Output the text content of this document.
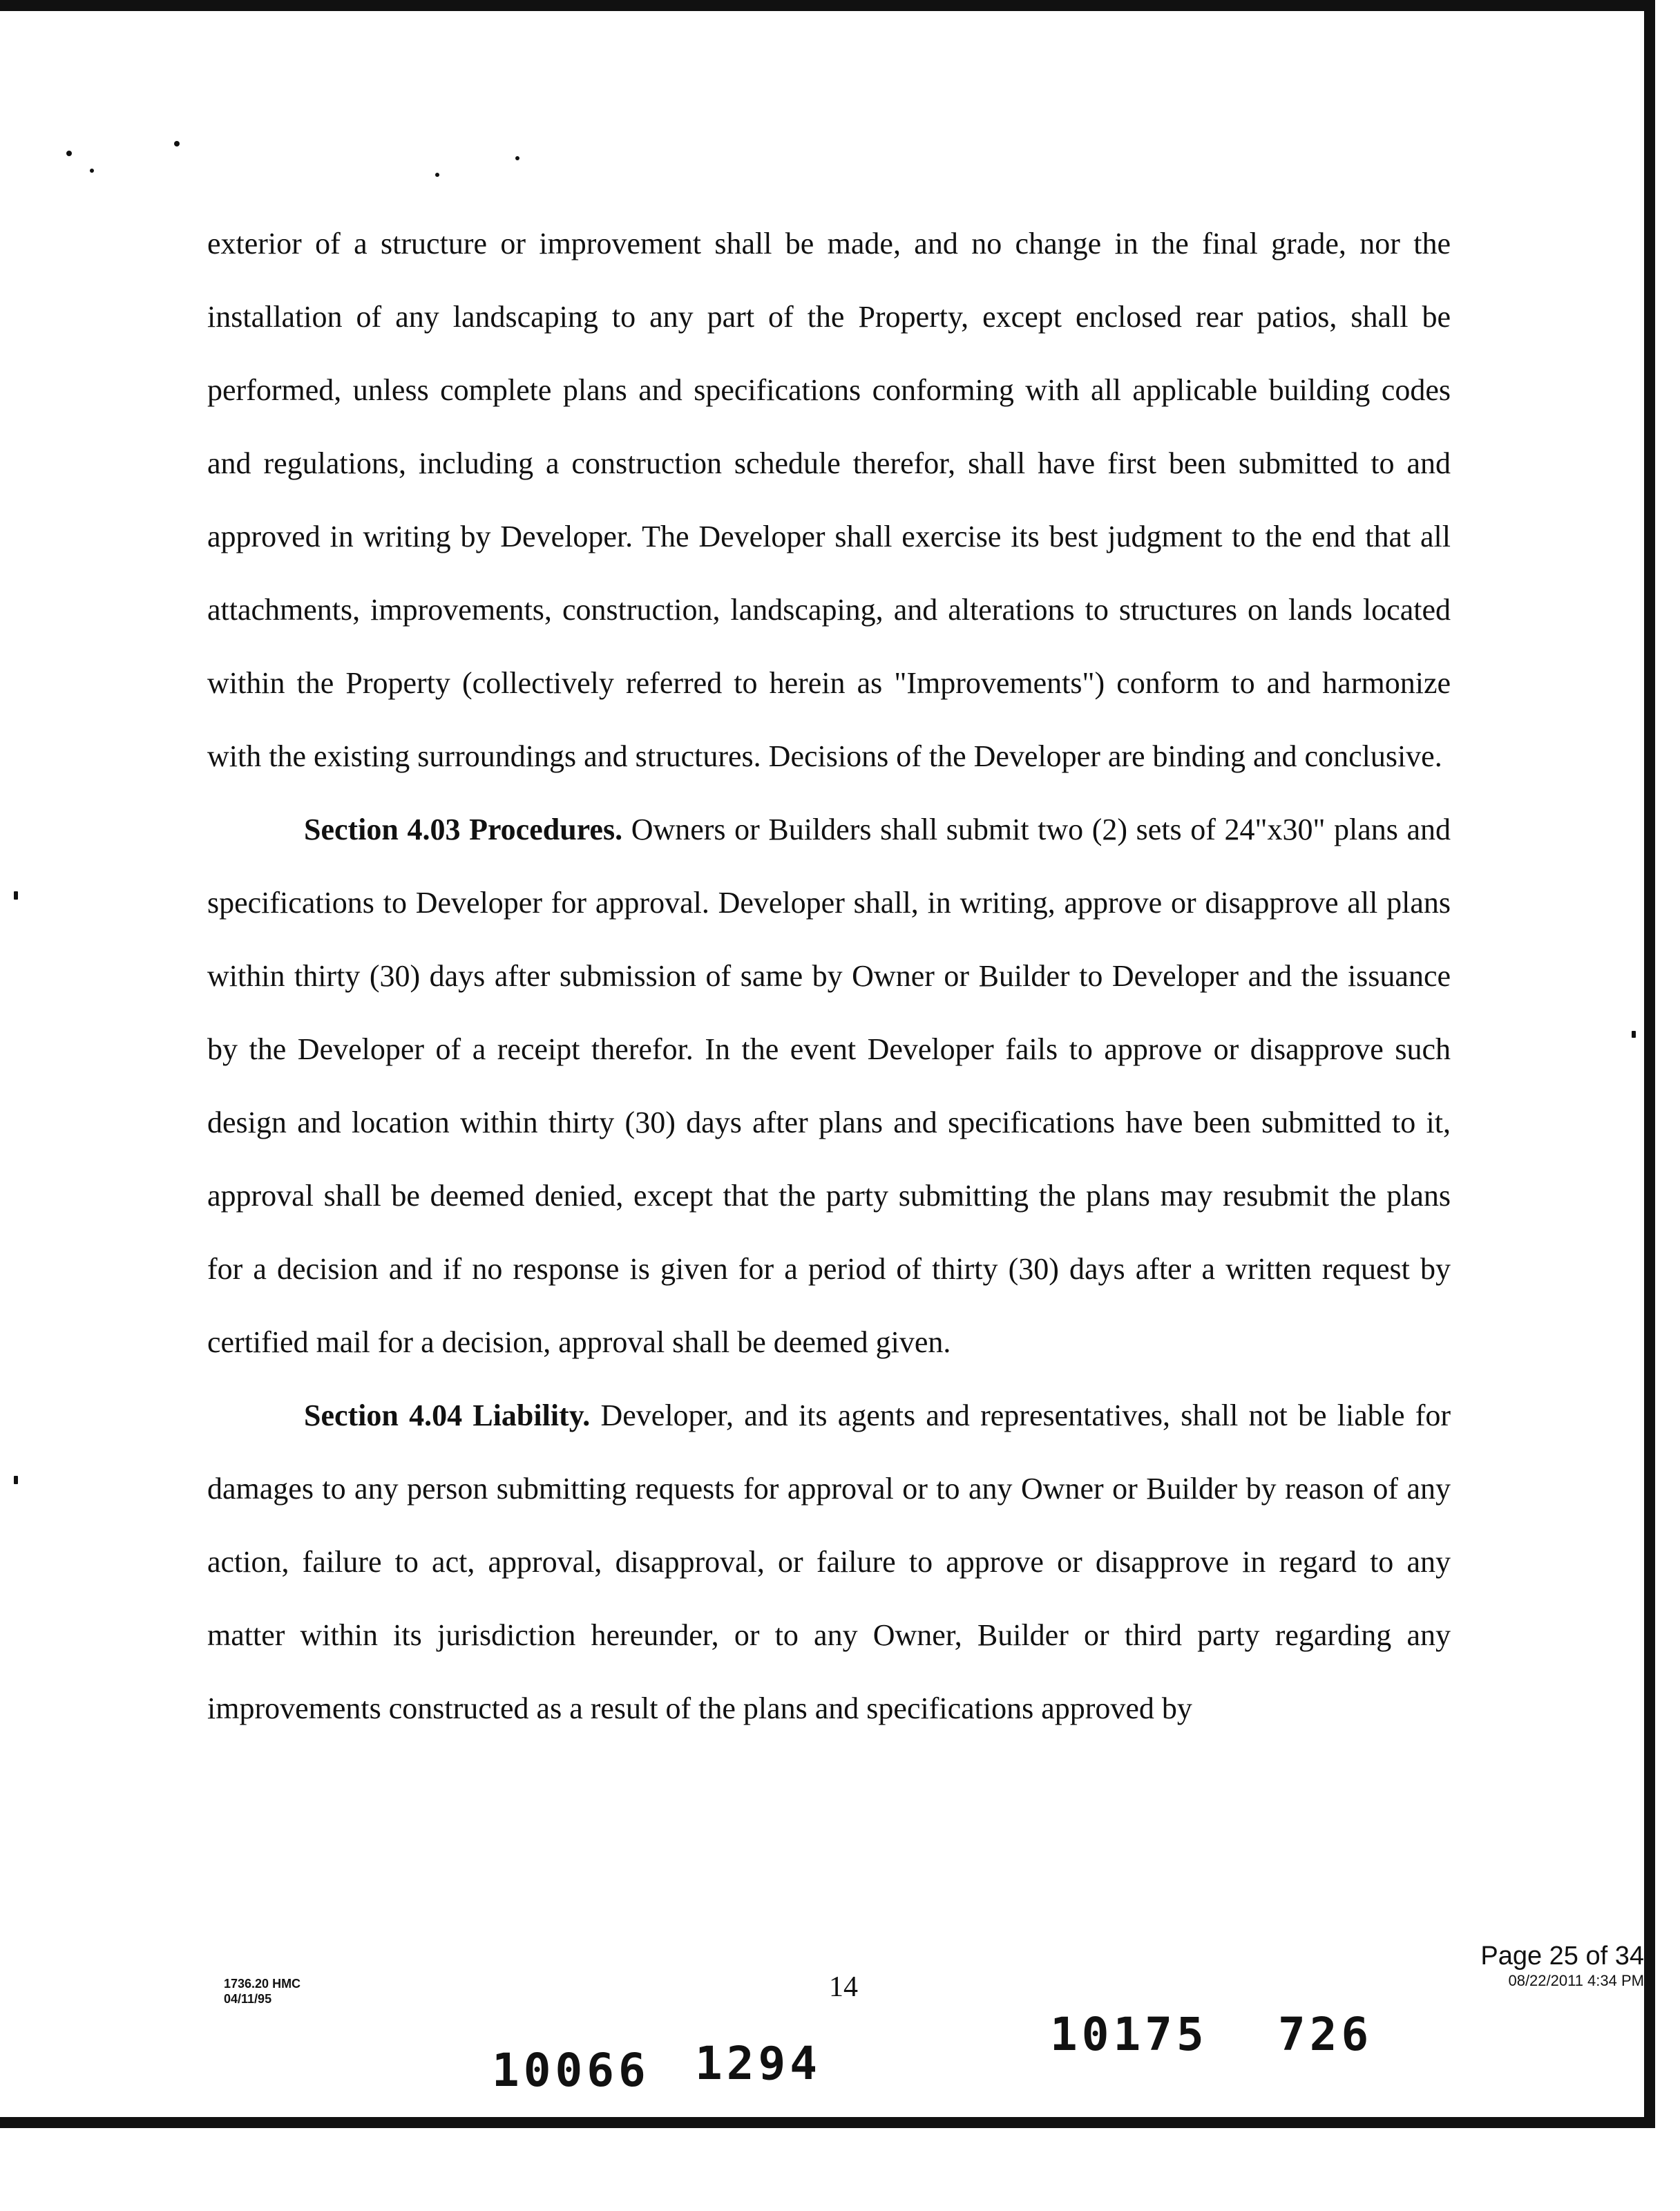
exterior of a structure or improvement shall be made, and no change in the final grade, nor the installation of any landscaping to any part of the Property, except enclosed rear patios, shall be performed, unless complete plans and specifications conforming with all applicable building codes and regulations, including a construction schedule therefor, shall have first been submitted to and approved in writing by Developer. The Developer shall exercise its best judgment to the end that all attachments, improvements, construction, landscaping, and alterations to structures on lands located within the Property (collectively referred to herein as "Improvements") conform to and harmonize with the existing surroundings and structures. Decisions of the Developer are binding and conclusive.

Section 4.03 Procedures. Owners or Builders shall submit two (2) sets of 24"x30" plans and specifications to Developer for approval. Developer shall, in writing, approve or disapprove all plans within thirty (30) days after submission of same by Owner or Builder to Developer and the issuance by the Developer of a receipt therefor. In the event Developer fails to approve or disapprove such design and location within thirty (30) days after plans and specifications have been submitted to it, approval shall be deemed denied, except that the party submitting the plans may resubmit the plans for a decision and if no response is given for a period of thirty (30) days after a written request by certified mail for a decision, approval shall be deemed given.

Section 4.04 Liability. Developer, and its agents and representatives, shall not be liable for damages to any person submitting requests for approval or to any Owner or Builder by reason of any action, failure to act, approval, disapproval, or failure to approve or disapprove in regard to any matter within its jurisdiction hereunder, or to any Owner, Builder or third party regarding any improvements constructed as a result of the plans and specifications approved by

1736.20 HMC
04/11/95	14
Page 25 of 34
08/22/2011 4:34 PM
10066 1294
10175 726
